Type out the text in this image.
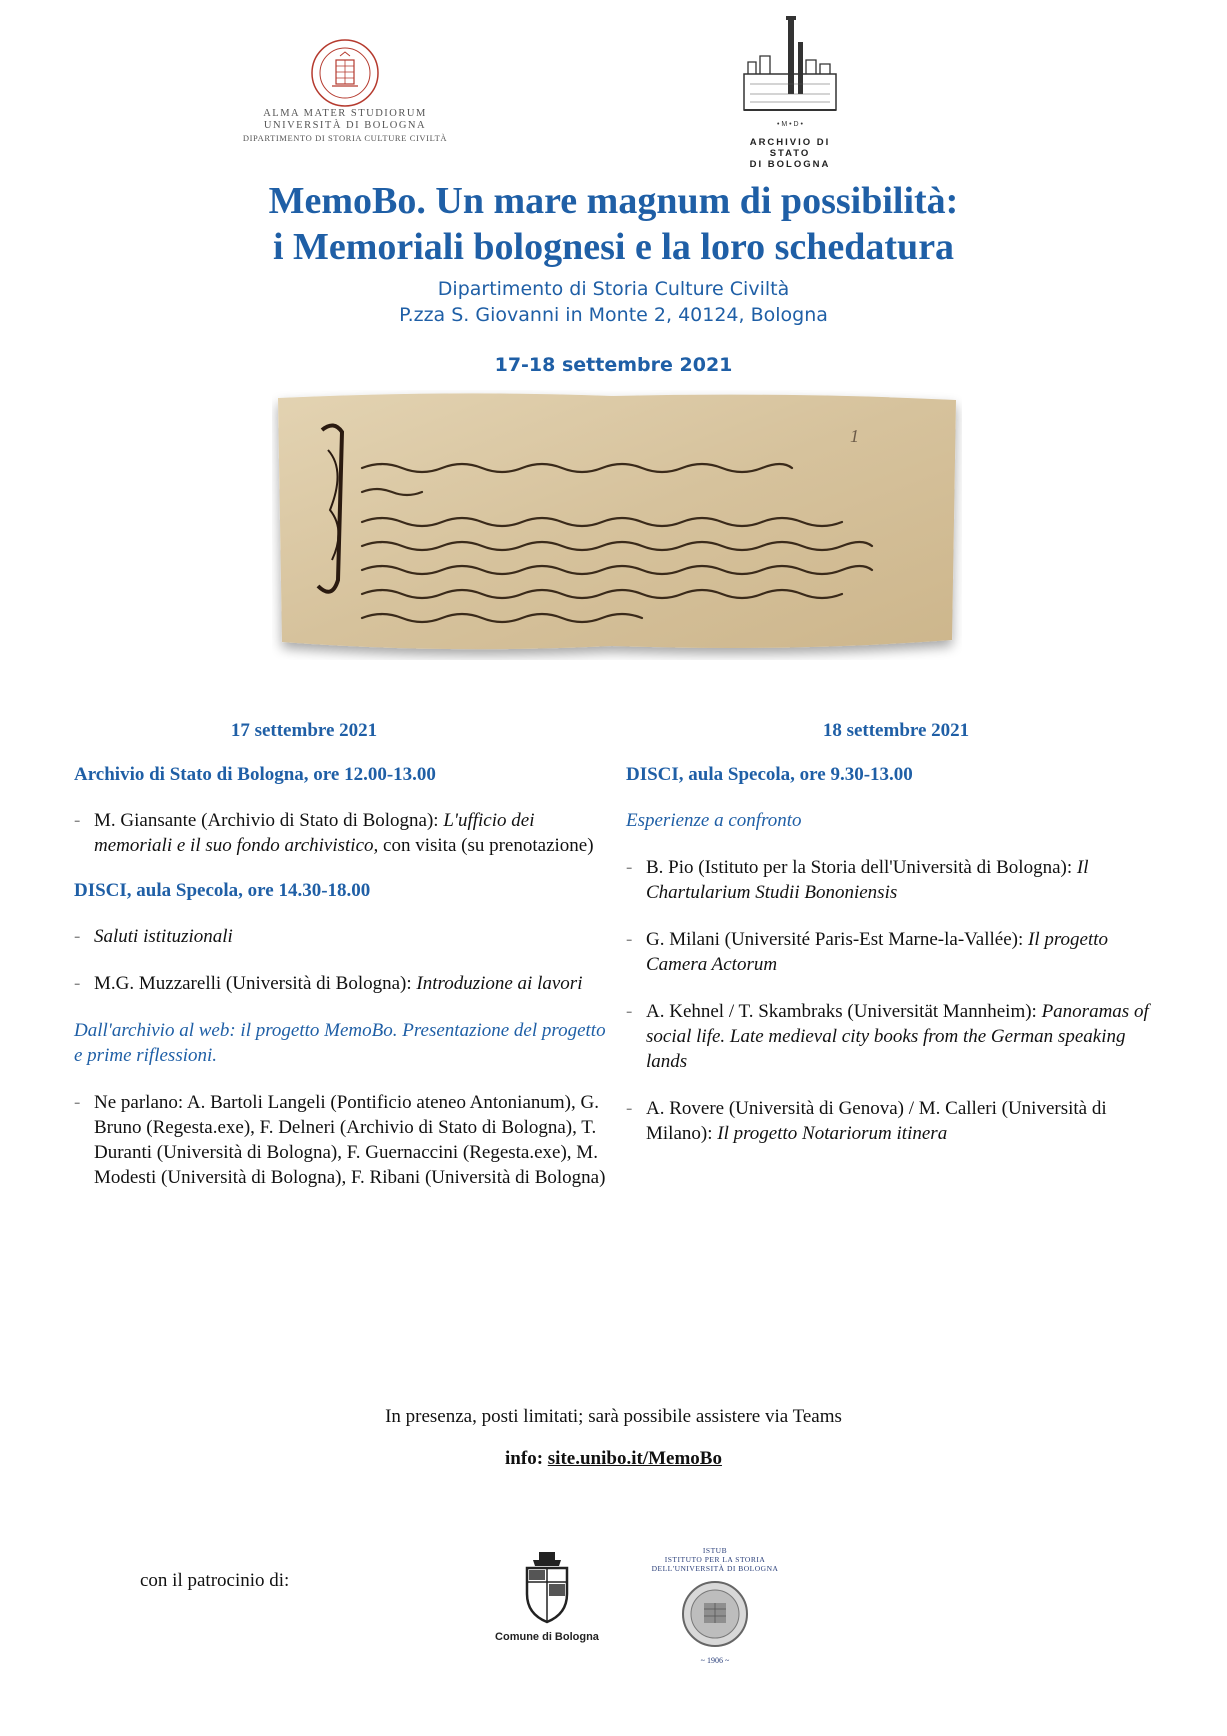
ALMA MATER STUDIORUM
UNIVERSITÀ DI BOLOGNA
DIPARTIMENTO DI STORIA CULTURE CIVILTÀ
• M • D •
ARCHIVIO DI STATO
DI BOLOGNA
MemoBo. Un mare magnum di possibilità:
i Memoriali bolognesi e la loro schedatura
Dipartimento di Storia Culture Civiltà
P.zza S. Giovanni in Monte 2, 40124, Bologna
17-18 settembre 2021
1
17 settembre 2021
Archivio di Stato di Bologna, ore 12.00-13.00
- M. Giansante (Archivio di Stato di Bologna): L'ufficio dei memoriali e il suo fondo archivistico, con visita (su prenotazione)
DISCI, aula Specola, ore 14.30-18.00
- Saluti istituzionali
- M.G. Muzzarelli (Università di Bologna): Introduzione ai lavori
Dall'archivio al web: il progetto MemoBo. Presentazione del progetto e prime riflessioni.
- Ne parlano: A. Bartoli Langeli (Pontificio ateneo Antonianum), G. Bruno (Regesta.exe), F. Delneri (Archivio di Stato di Bologna), T. Duranti (Università di Bologna), F. Guernaccini (Regesta.exe), M. Modesti (Università di Bologna), F. Ribani (Università di Bologna)
18 settembre 2021
DISCI, aula Specola, ore 9.30-13.00
Esperienze a confronto
- B. Pio (Istituto per la Storia dell'Università di Bologna): Il Chartularium Studii Bononiensis
- G. Milani (Université Paris-Est Marne-la-Vallée): Il progetto Camera Actorum
- A. Kehnel / T. Skambraks (Universität Mannheim): Panoramas of social life. Late medieval city books from the German speaking lands
- A. Rovere (Università di Genova) / M. Calleri (Università di Milano): Il progetto Notariorum itinera
In presenza, posti limitati; sarà possibile assistere via Teams
info: site.unibo.it/MemoBo
con il patrocinio di:
Comune di Bologna
ISTUB
ISTITUTO PER LA STORIA
DELL'UNIVERSITÀ DI BOLOGNA
~ 1906 ~
